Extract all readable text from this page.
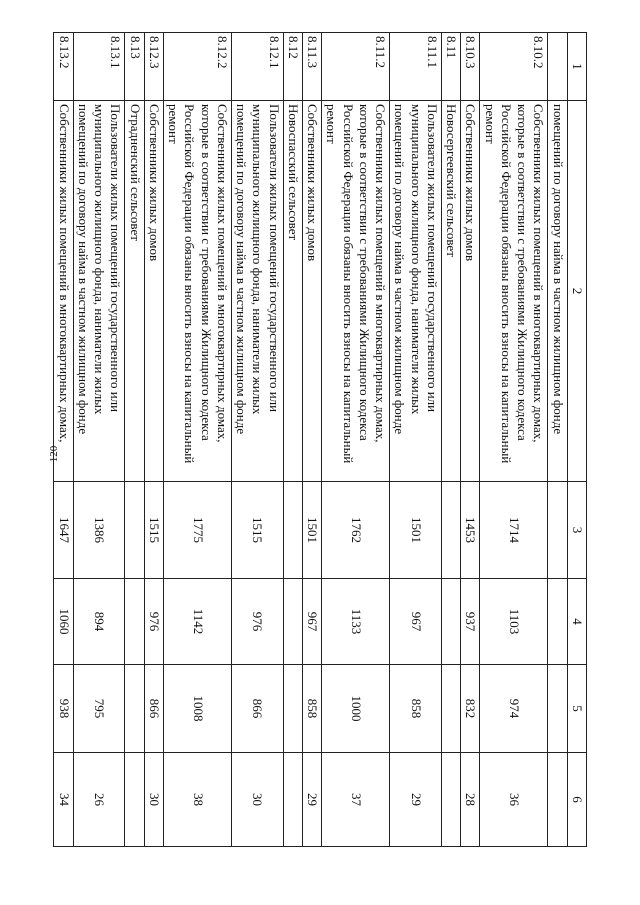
120
1	2	3	4	5	6
	помещений по договору найма в частном жилищном фонде				
8.10.2	Собственники жилых помещений в многоквартирных домах, которые в соответствии с требованиями Жилищного кодекса Российской Федерации обязаны вносить взносы на капитальный ремонт	1714	1103	974	36
8.10.3	Собственники жилых домов	1453	937	832	28
8.11	Новосергеевский сельсовет				
8.11.1	Пользователи жилых помещений государственного или муниципального жилищного фонда, наниматели жилых помещений по договору найма в частном жилищном фонде	1501	967	858	29
8.11.2	Собственники жилых помещений в многоквартирных домах, которые в соответствии с требованиями Жилищного кодекса Российской Федерации обязаны вносить взносы на капитальный ремонт	1762	1133	1000	37
8.11.3	Собственники жилых домов	1501	967	858	29
8.12	Новоспасский сельсовет				
8.12.1	Пользователи жилых помещений государственного или муниципального жилищного фонда, наниматели жилых помещений по договору найма в частном жилищном фонде	1515	976	866	30
8.12.2	Собственники жилых помещений в многоквартирных домах, которые в соответствии с требованиями Жилищного кодекса Российской Федерации обязаны вносить взносы на капитальный ремонт	1775	1142	1008	38
8.12.3	Собственники жилых домов	1515	976	866	30
8.13	Отрадненский сельсовет				
8.13.1	Пользователи жилых помещений государственного или муниципального жилищного фонда, наниматели жилых помещений по договору найма в частном жилищном фонде	1386	894	795	26
8.13.2	Собственники жилых помещений в многоквартирных домах,	1647	1060	938	34
